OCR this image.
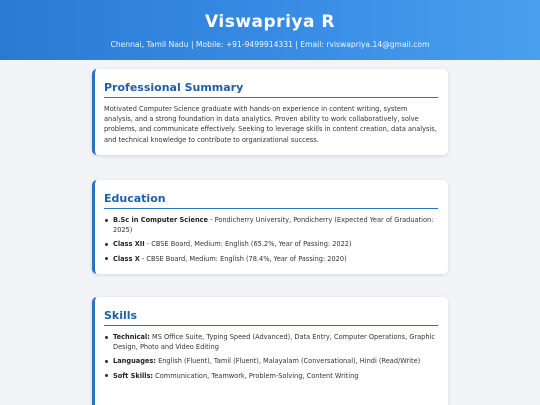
Viswapriya R
Chennai, Tamil Nadu | Mobile: +91-9499914331 | Email: rviswapriya.14@gmail.com
Professional Summary

Motivated Computer Science graduate with hands-on experience in content writing, system analysis, and a strong foundation in data analytics. Proven ability to work collaboratively, solve problems, and communicate effectively. Seeking to leverage skills in content creation, data analysis, and technical knowledge to contribute to organizational success.

Education
B.Sc in Computer Science - Pondicherry University, Pondicherry (Expected Year of Graduation: 2025)
Class XII - CBSE Board, Medium: English (65.2%, Year of Passing: 2022)
Class X - CBSE Board, Medium: English (78.4%, Year of Passing: 2020)
Skills
Technical: MS Office Suite, Typing Speed (Advanced), Data Entry, Computer Operations, Graphic Design, Photo and Video Editing
Languages: English (Fluent), Tamil (Fluent), Malayalam (Conversational), Hindi (Read/Write)
Soft Skills: Communication, Teamwork, Problem-Solving, Content Writing
